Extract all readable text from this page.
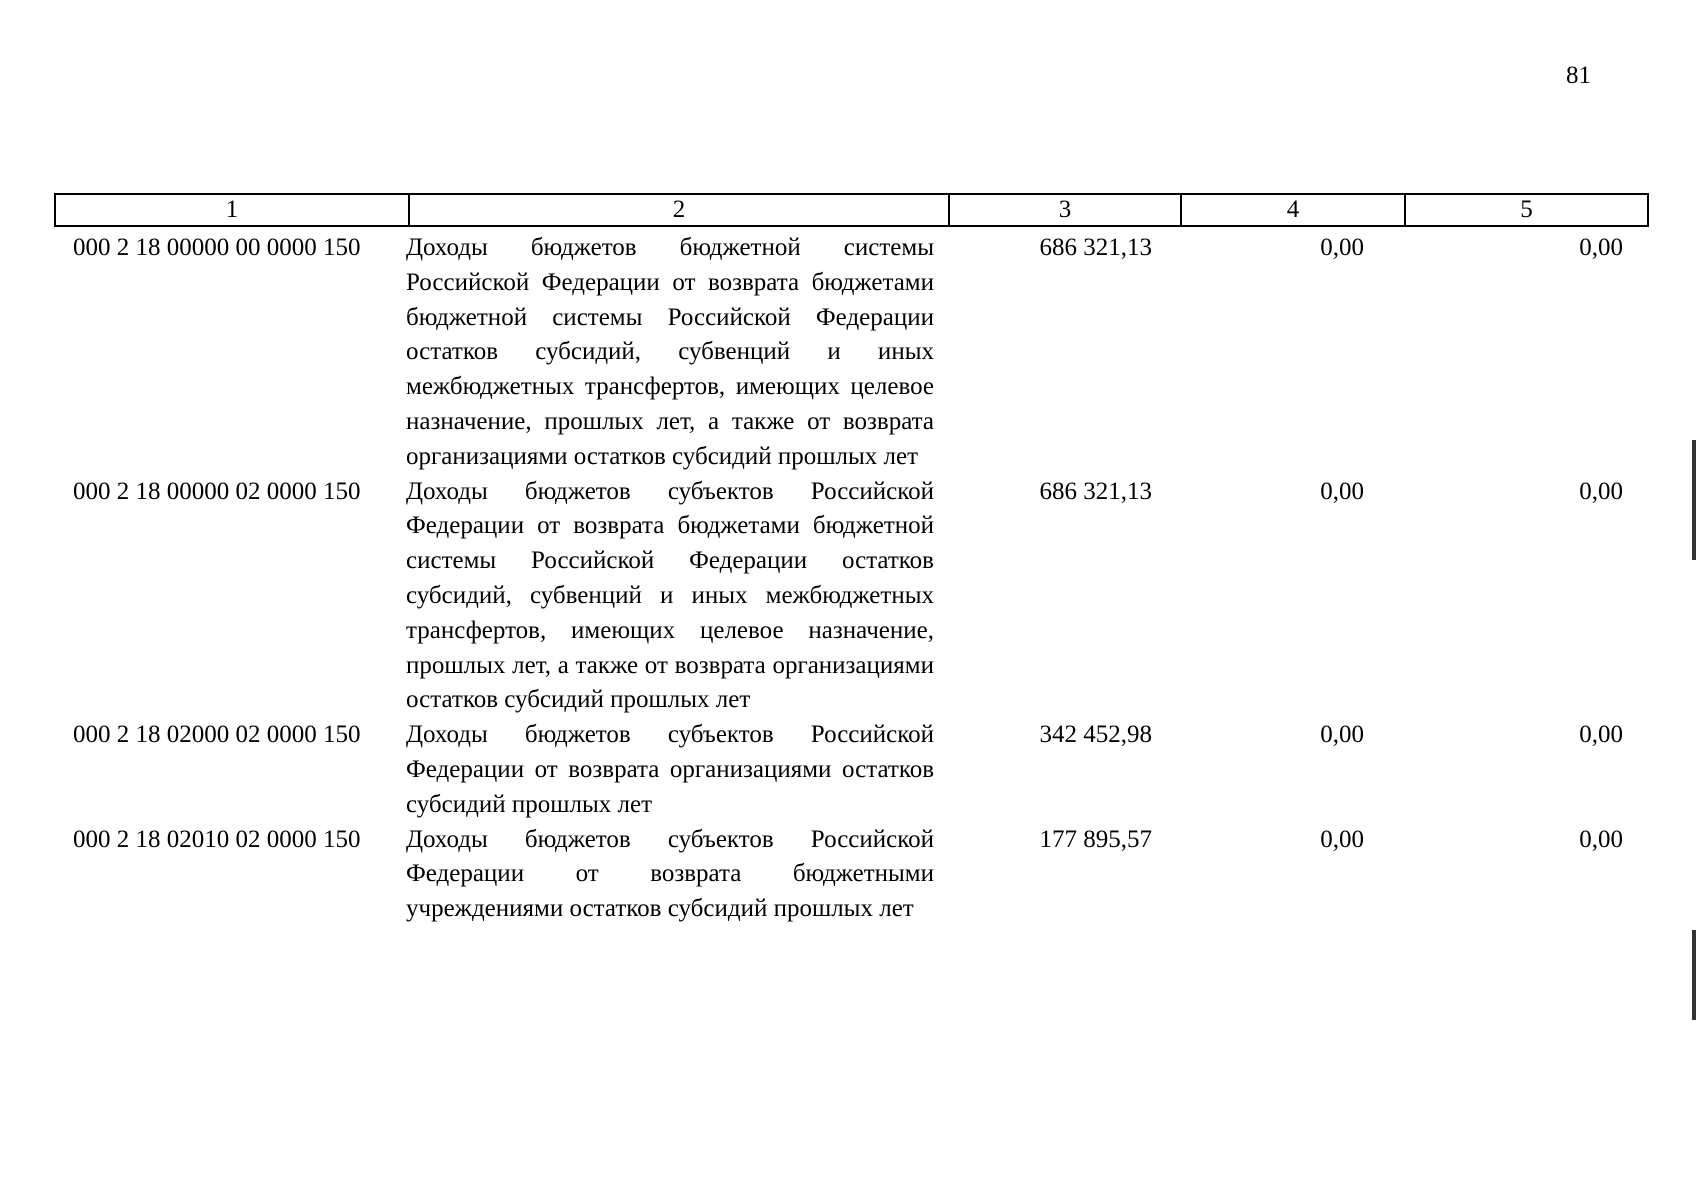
81
1	2	3	4	5
000 2 18 00000 00 0000 150	Доходы бюджетов бюджетной системы Российской Федерации от возврата бюджетами бюджетной системы Российской Федерации остатков субсидий, субвенций и иных межбюджетных трансфертов, имеющих целевое назначение, прошлых лет, а также от возврата организациями остатков субсидий прошлых лет	686 321,13	0,00	0,00
000 2 18 00000 02 0000 150	Доходы бюджетов субъектов Российской Федерации от возврата бюджетами бюджетной системы Российской Федерации остатков субсидий, субвенций и иных межбюджетных трансфертов, имеющих целевое назначение, прошлых лет, а также от возврата организациями остатков субсидий прошлых лет	686 321,13	0,00	0,00
000 2 18 02000 02 0000 150	Доходы бюджетов субъектов Российской Федерации от возврата организациями остатков субсидий прошлых лет	342 452,98	0,00	0,00
000 2 18 02010 02 0000 150	Доходы бюджетов субъектов Российской Федерации от возврата бюджетными учреждениями остатков субсидий прошлых лет	177 895,57	0,00	0,00
